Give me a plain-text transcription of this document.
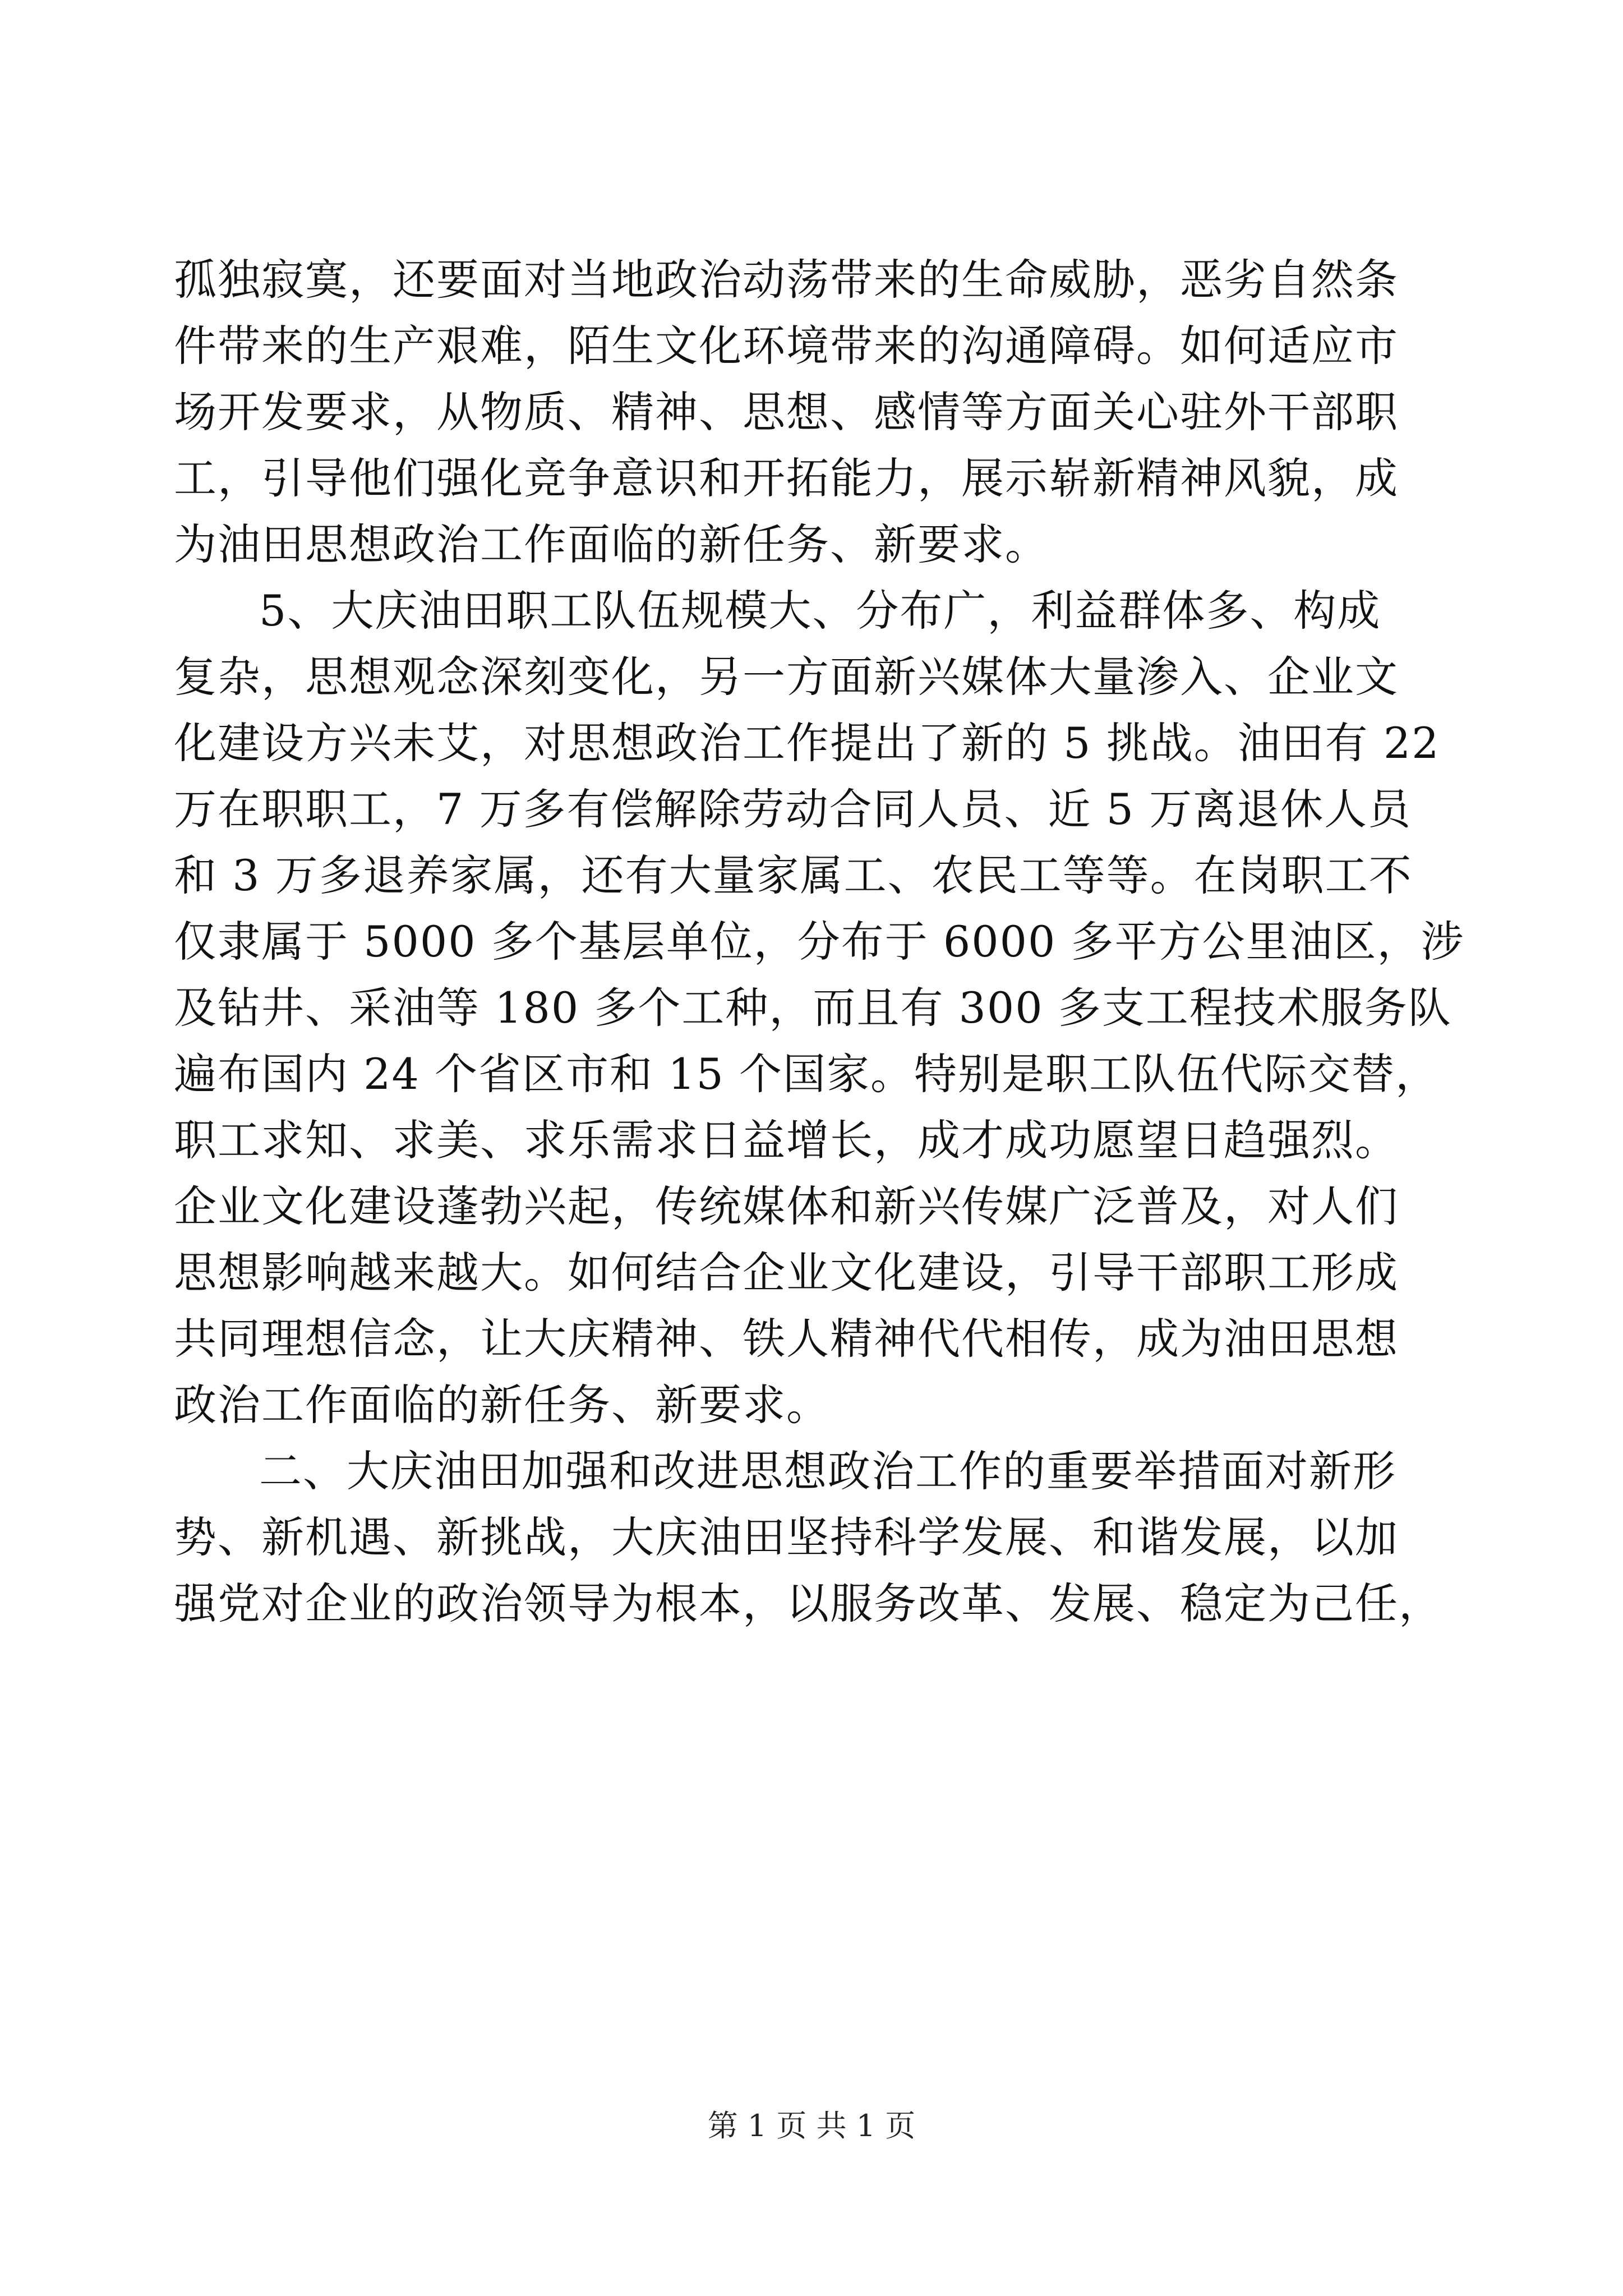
孤独寂寞，还要面对当地政治动荡带来的生命威胁，恶劣自然条
件带来的生产艰难，陌生文化环境带来的沟通障碍。如何适应市
场开发要求，从物质、精神、思想、感情等方面关心驻外干部职
工，引导他们强化竞争意识和开拓能力，展示崭新精神风貌，成
为油田思想政治工作面临的新任务、新要求。
5、大庆油田职工队伍规模大、分布广，利益群体多、构成
复杂，思想观念深刻变化，另一方面新兴媒体大量渗入、企业文
化建设方兴未艾，对思想政治工作提出了新的 5 挑战。油田有 22
万在职职工，7 万多有偿解除劳动合同人员、近 5 万离退休人员
和 3 万多退养家属，还有大量家属工、农民工等等。在岗职工不
仅隶属于 5000 多个基层单位，分布于 6000 多平方公里油区，涉
及钻井、采油等 180 多个工种，而且有 300 多支工程技术服务队
遍布国内 24 个省区市和 15 个国家。特别是职工队伍代际交替，
职工求知、求美、求乐需求日益增长，成才成功愿望日趋强烈。
企业文化建设蓬勃兴起，传统媒体和新兴传媒广泛普及，对人们
思想影响越来越大。如何结合企业文化建设，引导干部职工形成
共同理想信念，让大庆精神、铁人精神代代相传，成为油田思想
政治工作面临的新任务、新要求。
二、大庆油田加强和改进思想政治工作的重要举措面对新形
势、新机遇、新挑战，大庆油田坚持科学发展、和谐发展，以加
强党对企业的政治领导为根本，以服务改革、发展、稳定为己任，
第 1 页 共 1 页
